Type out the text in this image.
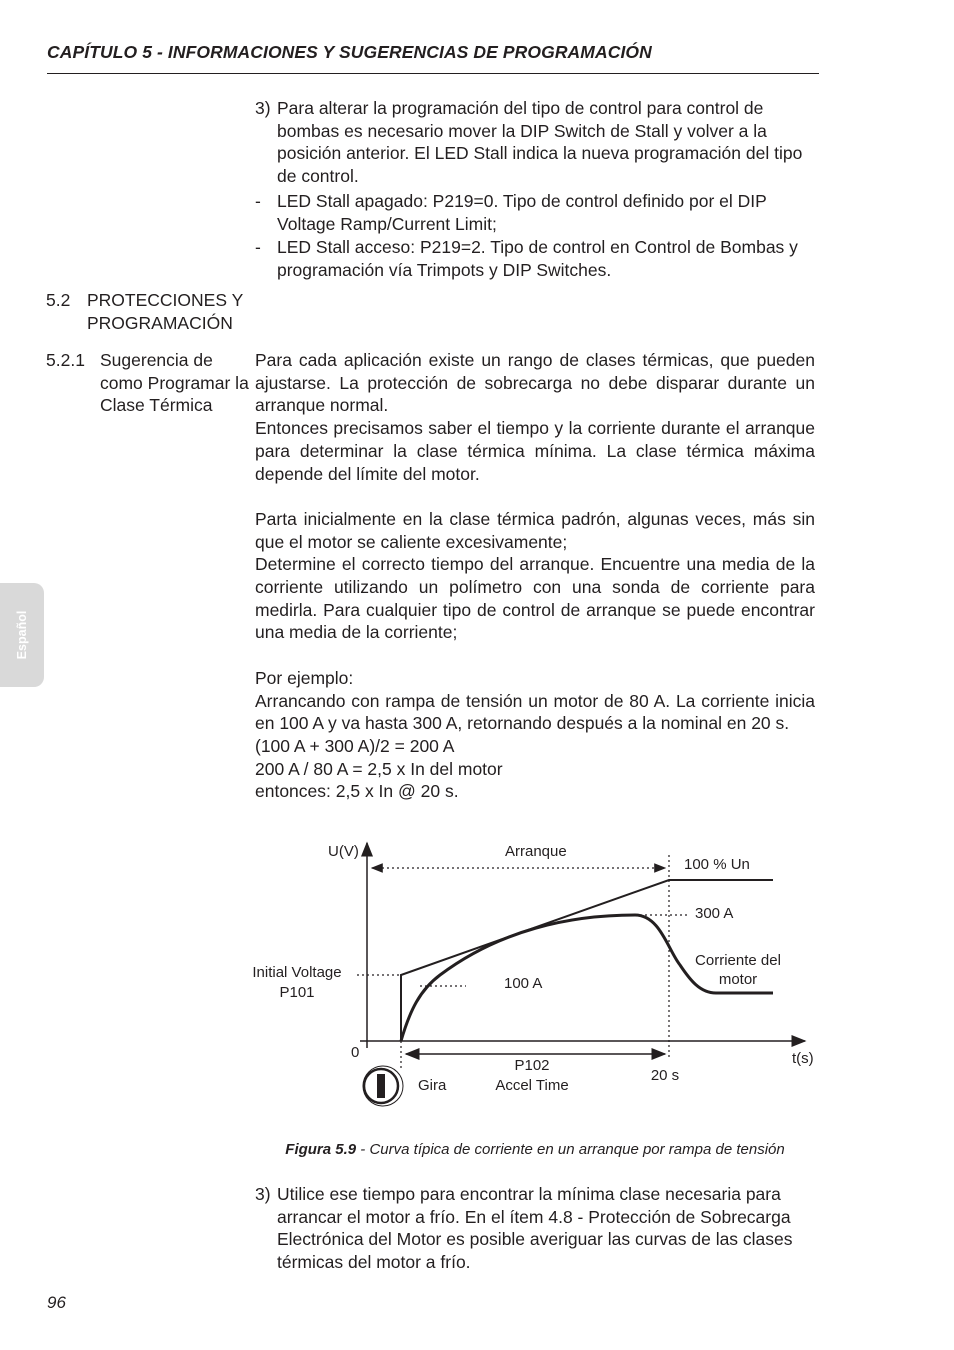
CAPÍTULO 5 - INFORMACIONES Y SUGERENCIAS DE PROGRAMACIÓN
Español
3) Para alterar la programación del tipo de control para control de bombas es necesario mover la DIP Switch de Stall y volver a la posición anterior. El LED Stall indica la nueva programación del tipo de control.

- LED Stall apagado: P219=0. Tipo de control definido por el DIP Voltage Ramp/Current Limit;

- LED Stall acceso: P219=2. Tipo de control en Control de Bombas y programación vía Trimpots y DIP Switches.

5.2 PROTECCIONES Y
PROGRAMACIÓN
5.2.1 Sugerencia de como Programar la Clase Térmica

Para cada aplicación existe un rango de clases térmicas, que pueden ajustarse. La protección de sobrecarga no debe disparar durante un arranque normal.

Entonces precisamos saber el tiempo y la corriente durante el arranque para determinar la clase térmica mínima. La clase térmica máxima depende del límite del motor.

Parta inicialmente en la clase térmica padrón, algunas veces, más sin que el motor se caliente excesivamente;

Determine el correcto tiempo del arranque. Encuentre una media de la corriente utilizando un polímetro con una sonda de corriente para medirla. Para cualquier tipo de control de arranque se puede encontrar una media de la corriente;

Por ejemplo:

Arrancando con rampa de tensión un motor de 80 A. La corriente inicia en 100 A y va hasta 300 A, retornando después a la nominal en 20 s.

(100 A + 300 A)/2 = 200 A

200 A / 80 A = 2,5 x In del motor

entonces: 2,5 x In @ 20 s.

U(V)	Arranque
100 % Un
300 A
Corriente del
motor
Initial Voltage
P101
100 A
0	t(s)
P102
Accel Time
20 s
Gira
Figura 5.9 - Curva típica de corriente en un arranque por rampa de tensión
3) Utilice ese tiempo para encontrar la mínima clase necesaria para arrancar el motor a frío. En el ítem 4.8 - Protección de Sobrecarga Electrónica del Motor es posible averiguar las curvas de las clases térmicas del motor a frío.

96
